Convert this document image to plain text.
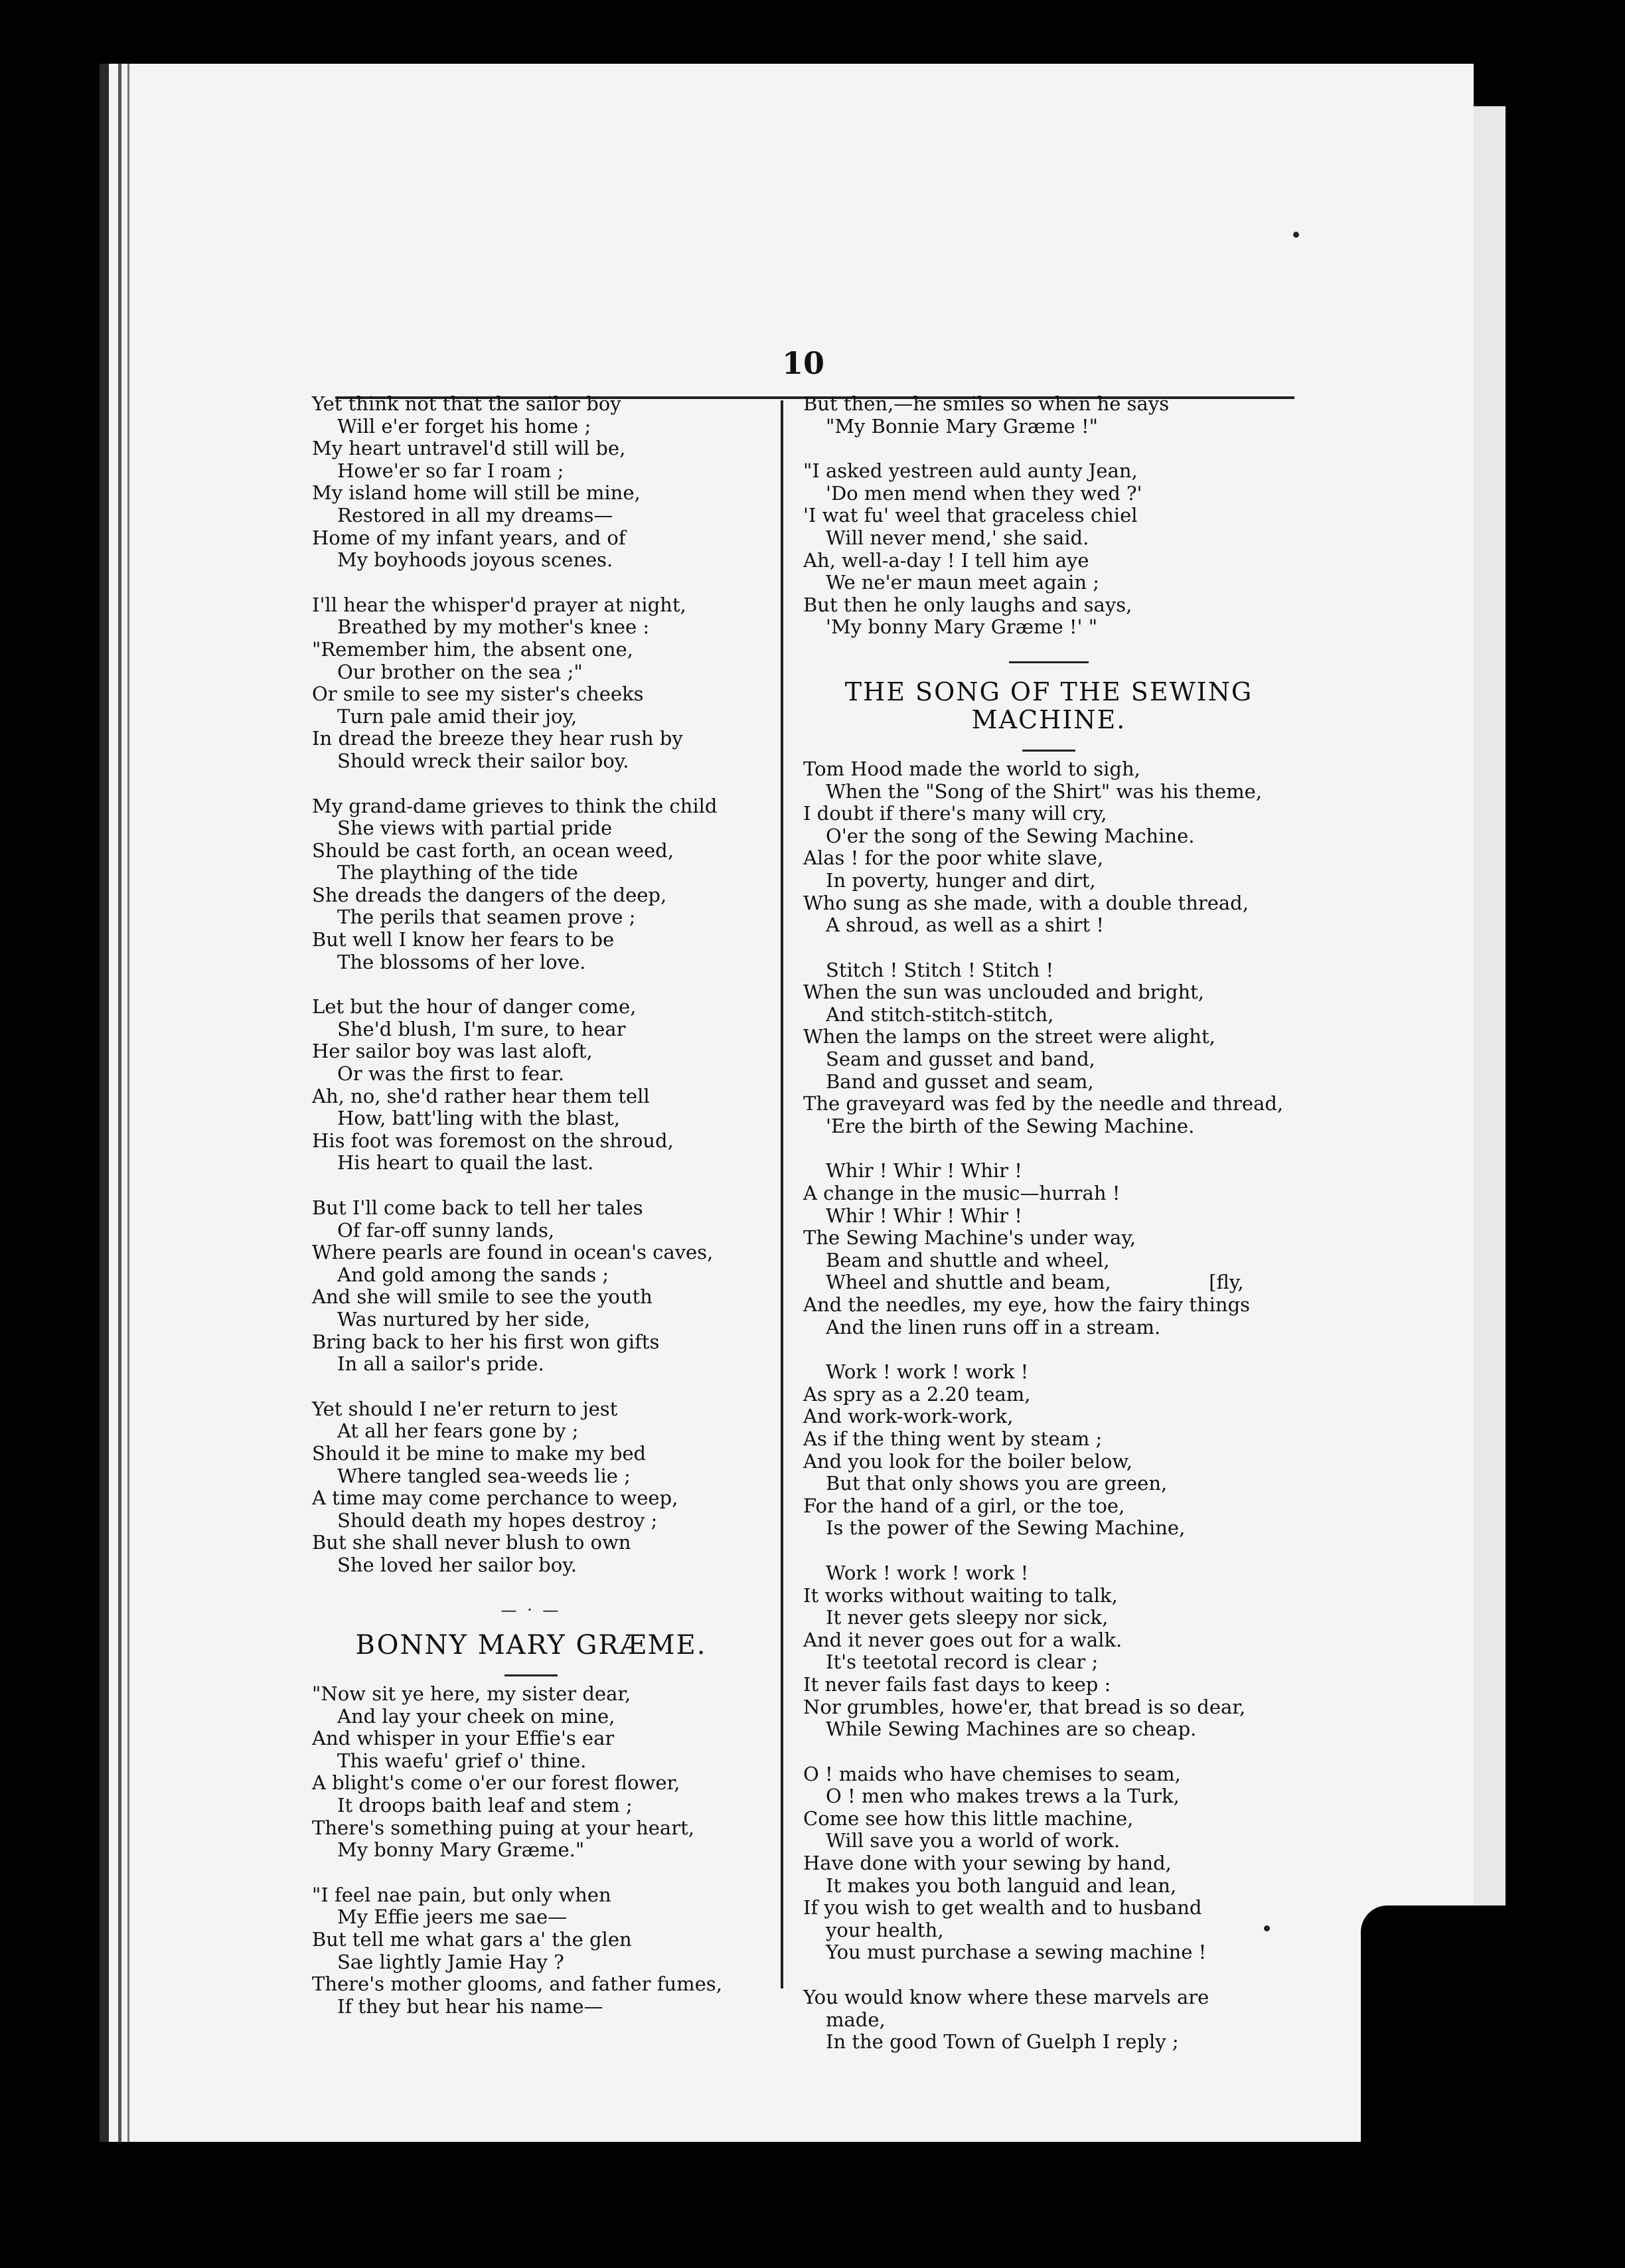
10
Yet think not that the sailor boy
Will e'er forget his home ;
My heart untravel'd still will be,
Howe'er so far I roam ;
My island home will still be mine,
Restored in all my dreams—
Home of my infant years, and of
My boyhoods joyous scenes.
I'll hear the whisper'd prayer at night,
Breathed by my mother's knee :
"Remember him, the absent one,
Our brother on the sea ;"
Or smile to see my sister's cheeks
Turn pale amid their joy,
In dread the breeze they hear rush by
Should wreck their sailor boy.
My grand-dame grieves to think the child
She views with partial pride
Should be cast forth, an ocean weed,
The plaything of the tide
She dreads the dangers of the deep,
The perils that seamen prove ;
But well I know her fears to be
The blossoms of her love.
Let but the hour of danger come,
She'd blush, I'm sure, to hear
Her sailor boy was last aloft,
Or was the first to fear.
Ah, no, she'd rather hear them tell
How, batt'ling with the blast,
His foot was foremost on the shroud,
His heart to quail the last.
But I'll come back to tell her tales
Of far-off sunny lands,
Where pearls are found in ocean's caves,
And gold among the sands ;
And she will smile to see the youth
Was nurtured by her side,
Bring back to her his first won gifts
In all a sailor's pride.
Yet should I ne'er return to jest
At all her fears gone by ;
Should it be mine to make my bed
Where tangled sea-weeds lie ;
A time may come perchance to weep,
Should death my hopes destroy ;
But she shall never blush to own
She loved her sailor boy.
— · —
BONNY MARY GRÆME.
"Now sit ye here, my sister dear,
And lay your cheek on mine,
And whisper in your Effie's ear
This waefu' grief o' thine.
A blight's come o'er our forest flower,
It droops baith leaf and stem ;
There's something puing at your heart,
My bonny Mary Græme."
"I feel nae pain, but only when
My Effie jeers me sae—
But tell me what gars a' the glen
Sae lightly Jamie Hay ?
There's mother glooms, and father fumes,
If they but hear his name—
But then,—he smiles so when he says
"My Bonnie Mary Græme !"
"I asked yestreen auld aunty Jean,
'Do men mend when they wed ?'
'I wat fu' weel that graceless chiel
Will never mend,' she said.
Ah, well-a-day ! I tell him aye
We ne'er maun meet again ;
But then he only laughs and says,
'My bonny Mary Græme !' "
THE SONG OF THE SEWING MACHINE.
Tom Hood made the world to sigh,
When the "Song of the Shirt" was his theme,
I doubt if there's many will cry,
O'er the song of the Sewing Machine.
Alas ! for the poor white slave,
In poverty, hunger and dirt,
Who sung as she made, with a double thread,
A shroud, as well as a shirt !
Stitch ! Stitch ! Stitch !
When the sun was unclouded and bright,
And stitch-stitch-stitch,
When the lamps on the street were alight,
Seam and gusset and band,
Band and gusset and seam,
The graveyard was fed by the needle and thread,
'Ere the birth of the Sewing Machine.
Whir ! Whir ! Whir !
A change in the music—hurrah !
Whir ! Whir ! Whir !
The Sewing Machine's under way,
Beam and shuttle and wheel,
Wheel and shuttle and beam,                [fly,
And the needles, my eye, how the fairy things
And the linen runs off in a stream.
Work ! work ! work !
As spry as a 2.20 team,
And work-work-work,
As if the thing went by steam ;
And you look for the boiler below,
But that only shows you are green,
For the hand of a girl, or the toe,
Is the power of the Sewing Machine,
Work ! work ! work !
It works without waiting to talk,
It never gets sleepy nor sick,
And it never goes out for a walk.
It's teetotal record is clear ;
It never fails fast days to keep :
Nor grumbles, howe'er, that bread is so dear,
While Sewing Machines are so cheap.
O ! maids who have chemises to seam,
O ! men who makes trews a la Turk,
Come see how this little machine,
Will save you a world of work.
Have done with your sewing by hand,
It makes you both languid and lean,
If you wish to get wealth and to husband
your health,
You must purchase a sewing machine !
You would know where these marvels are
made,
In the good Town of Guelph I reply ;
